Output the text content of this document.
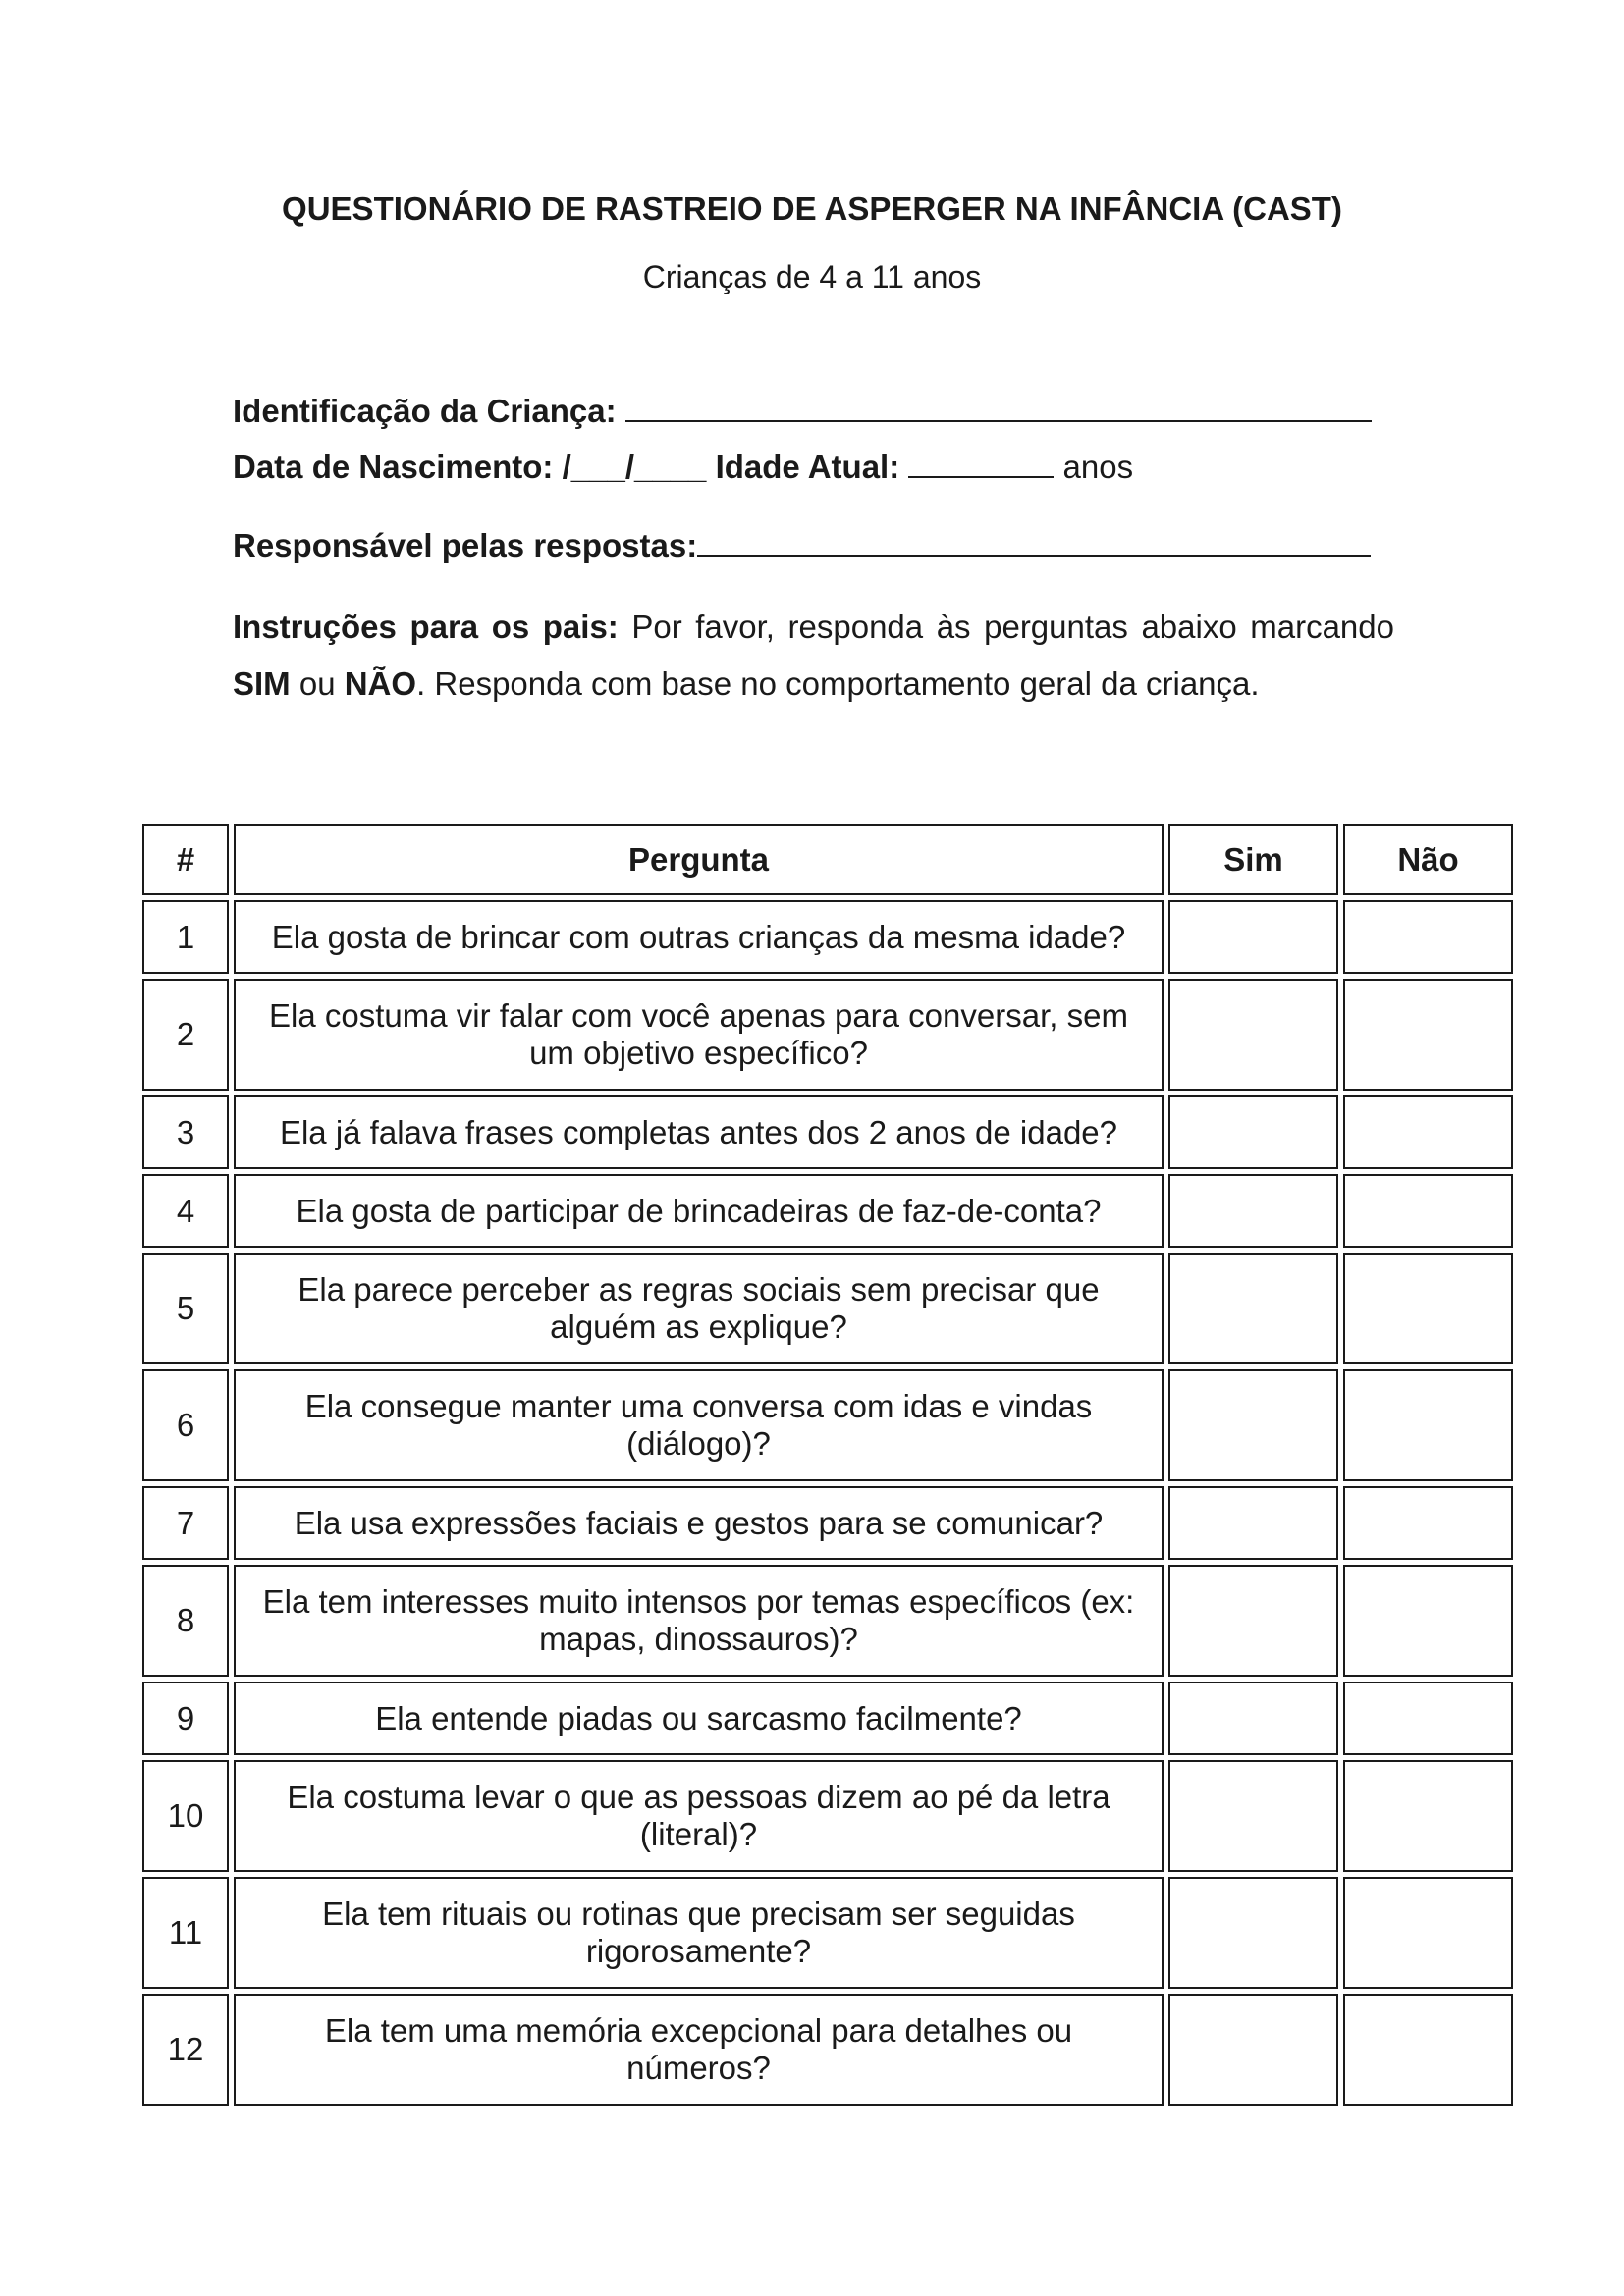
QUESTIONÁRIO DE RASTREIO DE ASPERGER NA INFÂNCIA (CAST)
Crianças de 4 a 11 anos
Identificação da Criança:
Data de Nascimento: /___/____ Idade Atual:	anos
Responsável pelas respostas:
Instruções para os pais: Por favor, responda às perguntas abaixo marcando SIM ou NÃO. Responda com base no comportamento geral da criança.
#	Pergunta	Sim	Não
1	Ela gosta de brincar com outras crianças da mesma idade?		
2	Ela costuma vir falar com você apenas para conversar, sem um objetivo específico?		
3	Ela já falava frases completas antes dos 2 anos de idade?		
4	Ela gosta de participar de brincadeiras de faz-de-conta?		
5	Ela parece perceber as regras sociais sem precisar que alguém as explique?		
6	Ela consegue manter uma conversa com idas e vindas (diálogo)?		
7	Ela usa expressões faciais e gestos para se comunicar?		
8	Ela tem interesses muito intensos por temas específicos (ex: mapas, dinossauros)?		
9	Ela entende piadas ou sarcasmo facilmente?		
10	Ela costuma levar o que as pessoas dizem ao pé da letra (literal)?		
11	Ela tem rituais ou rotinas que precisam ser seguidas rigorosamente?		
12	Ela tem uma memória excepcional para detalhes ou números?		
